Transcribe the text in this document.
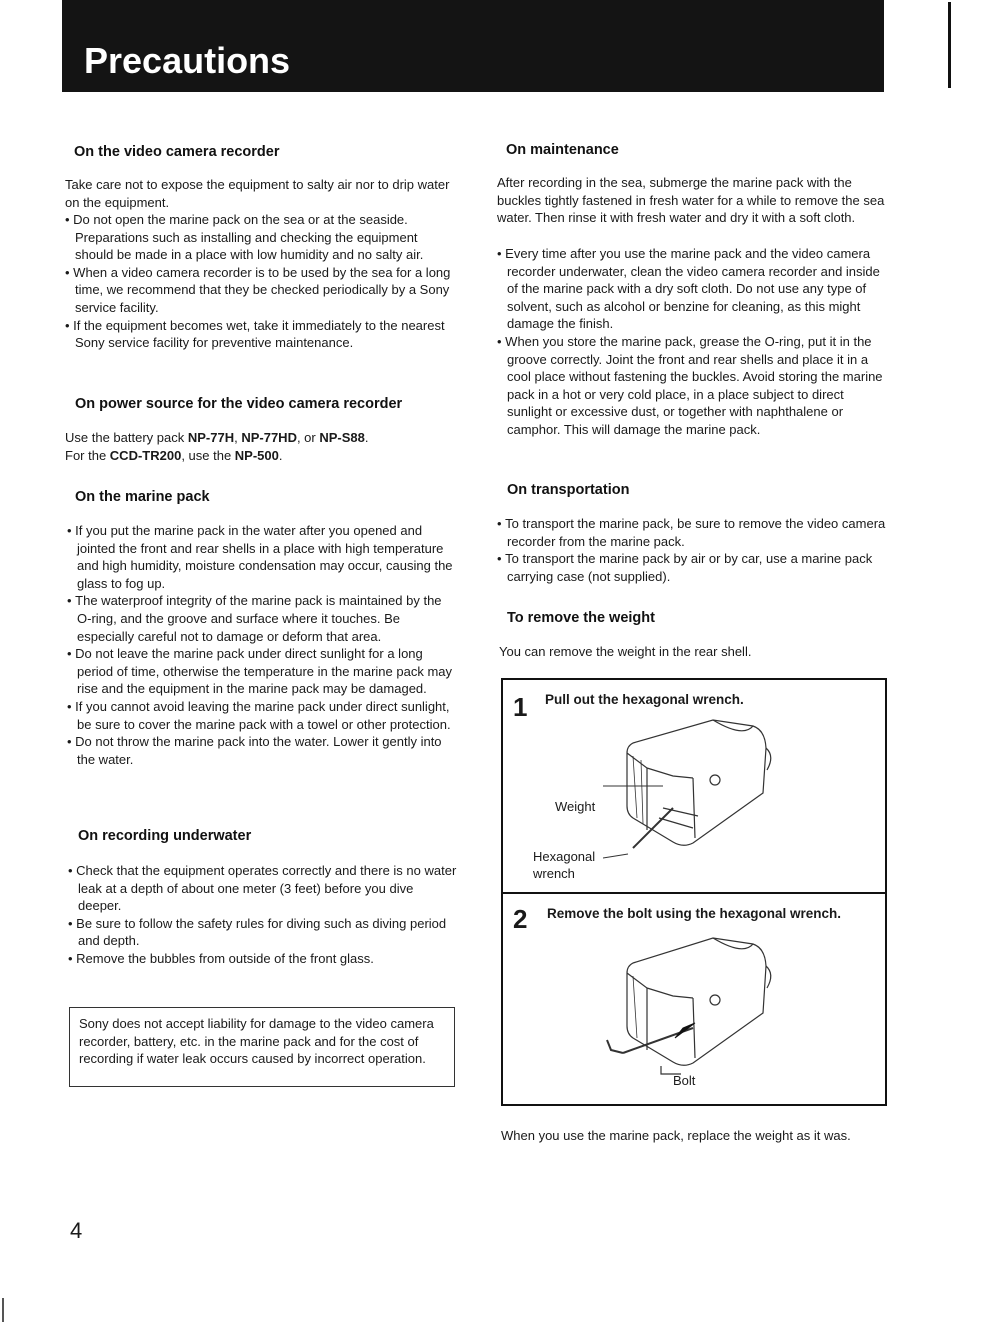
Precautions
On the video camera recorder

Take care not to expose the equipment to salty air nor to drip water on the equipment.

• Do not open the marine pack on the sea or at the seaside. Preparations such as installing and checking the equipment should be made in a place with low humidity and no salty air.
• When a video camera recorder is to be used by the sea for a long time, we recommend that they be checked periodically by a Sony service facility.
• If the equipment becomes wet, take it immediately to the nearest Sony service facility for preventive maintenance.
On power source for the video camera recorder

Use the battery pack NP-77H, NP-77HD, or NP-S88.
For the CCD-TR200, use the NP-500.

On the marine pack
• If you put the marine pack in the water after you opened and jointed the front and rear shells in a place with high temperature and high humidity, moisture condensation may occur, causing the glass to fog up.
• The waterproof integrity of the marine pack is maintained by the O-ring, and the groove and surface where it touches. Be especially careful not to damage or deform that area.
• Do not leave the marine pack under direct sunlight for a long period of time, otherwise the temperature in the marine pack may rise and the equipment in the marine pack may be damaged.
• If you cannot avoid leaving the marine pack under direct sunlight, be sure to cover the marine pack with a towel or other protection.
• Do not throw the marine pack into the water. Lower it gently into the water.
On recording underwater
• Check that the equipment operates correctly and there is no water leak at a depth of about one meter (3 feet) before you dive deeper.
• Be sure to follow the safety rules for diving such as diving period and depth.
• Remove the bubbles from outside of the front glass.

Sony does not accept liability for damage to the video camera recorder, battery, etc. in the marine pack and for the cost of recording if water leak occurs caused by incorrect operation.

On maintenance

After recording in the sea, submerge the marine pack with the buckles tightly fastened in fresh water for a while to remove the sea water. Then rinse it with fresh water and dry it with a soft cloth.

• Every time after you use the marine pack and the video camera recorder underwater, clean the video camera recorder and inside of the marine pack with a dry soft cloth. Do not use any type of solvent, such as alcohol or benzine for cleaning, as this might damage the finish.
• When you store the marine pack, grease the O-ring, put it in the groove correctly. Joint the front and rear shells and place it in a cool place without fastening the buckles. Avoid storing the marine pack in a hot or very cold place, in a place subject to direct sunlight or excessive dust, or together with naphthalene or camphor. This will damage the marine pack.
On transportation
• To transport the marine pack, be sure to remove the video camera recorder from the marine pack.
• To transport the marine pack by air or by car, use a marine pack carrying case (not supplied).
To remove the weight

You can remove the weight in the rear shell.

1 Pull out the hexagonal wrench.
Weight
Hexagonal
wrench
2 Remove the bolt using the hexagonal wrench.
Bolt

When you use the marine pack, replace the weight as it was.

4
